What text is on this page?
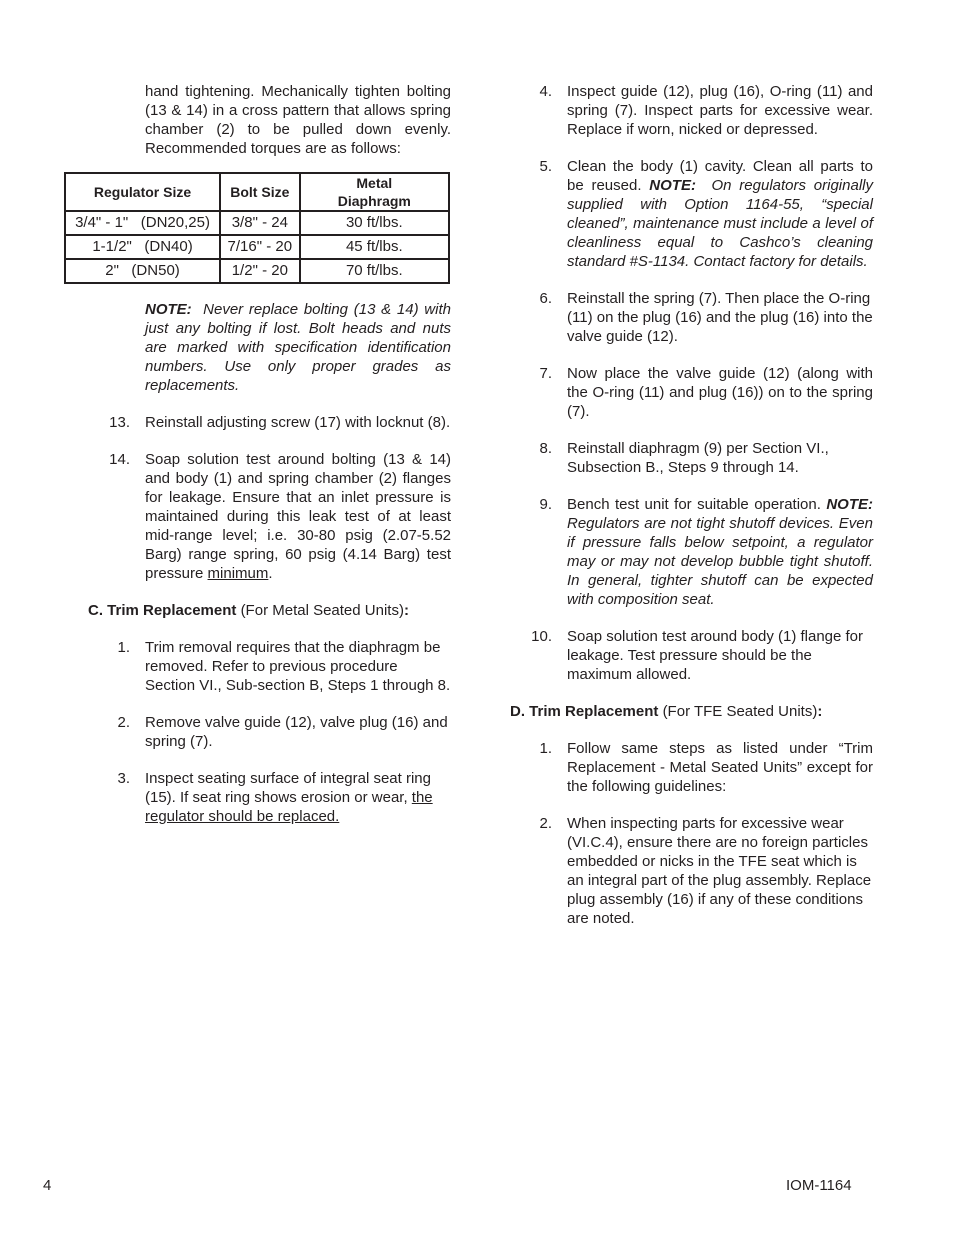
hand tightening. Mechanically tighten bolting (13 & 14) in a cross pattern that allows spring chamber (2) to be pulled down evenly. Recommended torques are as follows:

Regulator Size	Bolt Size	Metal Diaphragm
3/4" - 1"   (DN20,25)	3/8" - 24	30 ft/lbs.
1-1/2"   (DN40)	7/16" - 20	45 ft/lbs.
2"   (DN50)	1/2" - 20	70 ft/lbs.

NOTE: Never replace bolting (13 & 14) with just any bolting if lost. Bolt heads and nuts are marked with specification identification numbers. Use only proper grades as replacements.

13. Reinstall adjusting screw (17) with locknut (8).

14. Soap solution test around bolting (13 & 14) and body (1) and spring chamber (2) flanges for leakage. Ensure that an inlet pressure is maintained during this leak test of at least mid-range level; i.e. 30-80 psig (2.07-5.52 Barg) range spring, 60 psig (4.14 Barg) test pressure minimum.

C. Trim Replacement (For Metal Seated Units):

1. Trim removal requires that the diaphragm be removed. Refer to previous procedure Section VI., Sub-section B, Steps 1 through 8.

2. Remove valve guide (12), valve plug (16) and spring (7).

3. Inspect seating surface of integral seat ring (15). If seat ring shows erosion or wear, the regulator should be replaced.

4. Inspect guide (12), plug (16), O-ring (11) and spring (7). Inspect parts for excessive wear. Replace if worn, nicked or depressed.

5. Clean the body (1) cavity. Clean all parts to be reused. NOTE: On regulators originally supplied with Option 1164-55, “special cleaned”, maintenance must include a level of cleanliness equal to Cashco’s cleaning standard #S-1134. Contact factory for details.

6. Reinstall the spring (7). Then place the O-ring (11) on the plug (16) and the plug (16) into the valve guide (12).

7. Now place the valve guide (12) (along with the O-ring (11) and plug (16)) on to the spring (7).

8. Reinstall diaphragm (9) per Section VI., Subsection B., Steps 9 through 14.

9. Bench test unit for suitable operation. NOTE: Regulators are not tight shutoff devices. Even if pressure falls below setpoint, a regulator may or may not develop bubble tight shutoff. In general, tighter shutoff can be expected with composition seat.

10. Soap solution test around body (1) flange for leakage. Test pressure should be the maximum allowed.

D. Trim Replacement (For TFE Seated Units):

1. Follow same steps as listed under “Trim Replacement - Metal Seated Units” except for the following guidelines:

2. When inspecting parts for excessive wear (VI.C.4), ensure there are no foreign particles embedded or nicks in the TFE seat which is an integral part of the plug assembly. Replace plug assembly (16) if any of these conditions are noted.

4	IOM-1164
